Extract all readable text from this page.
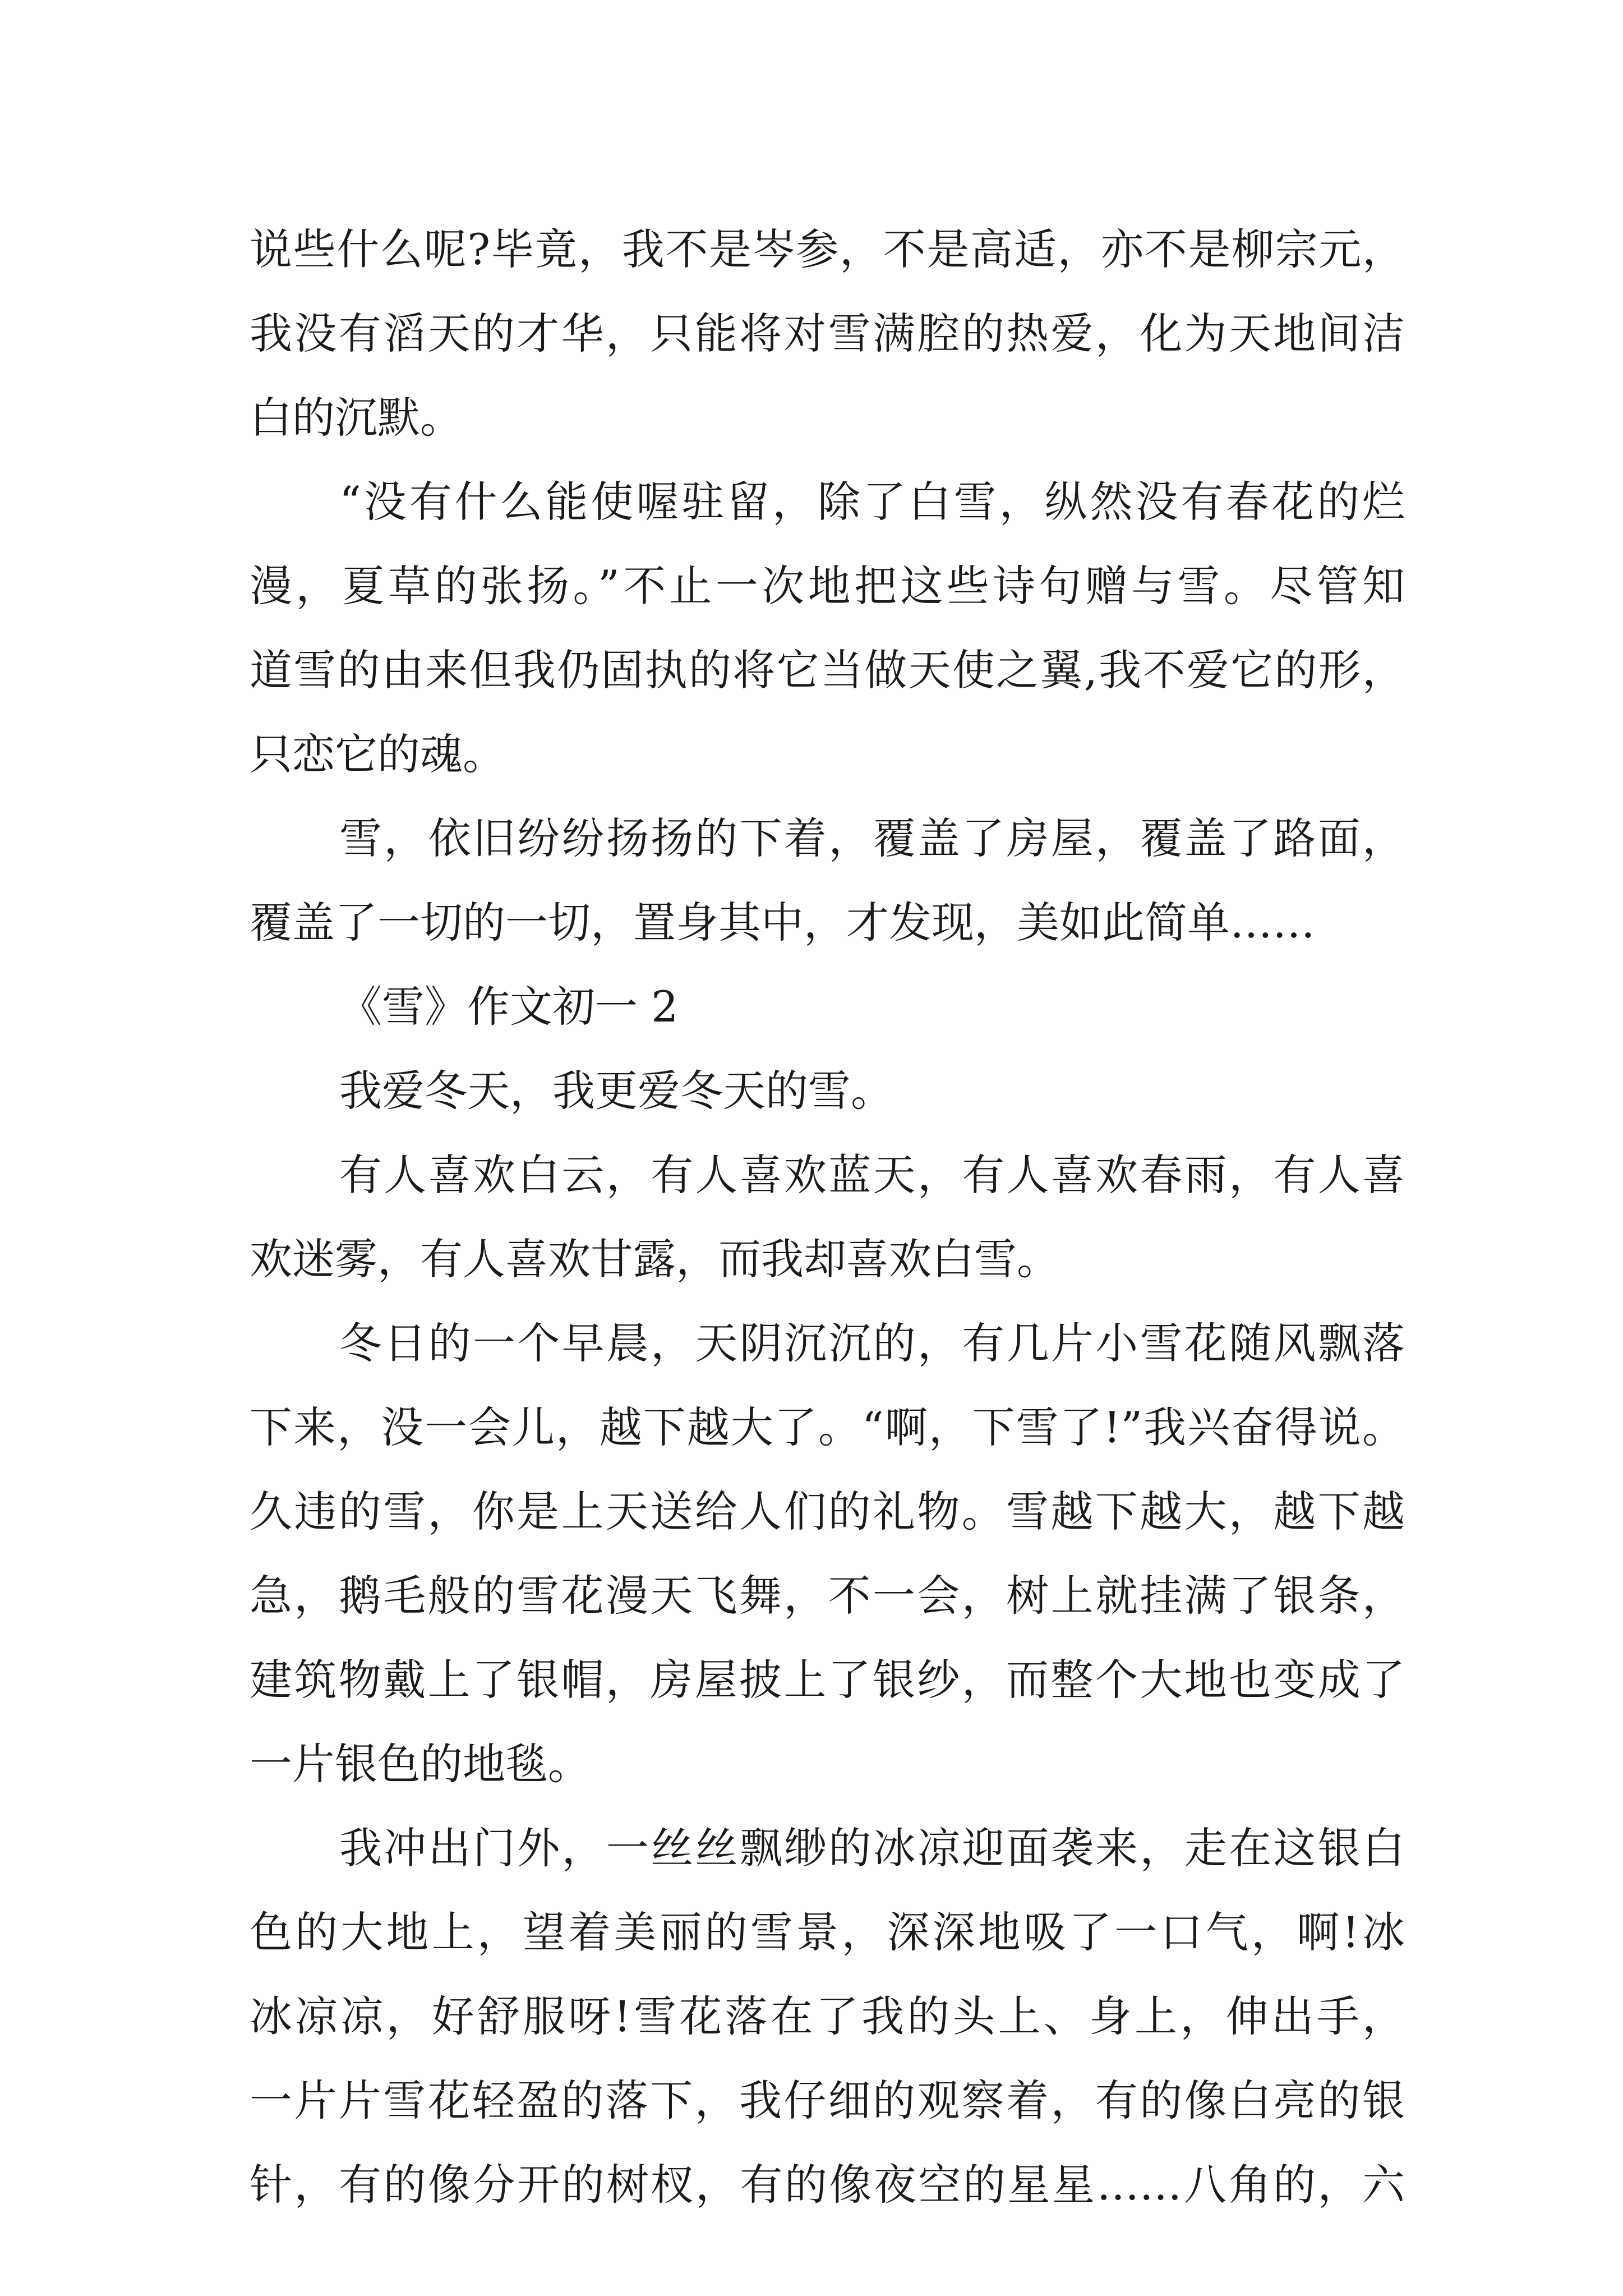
说些什么呢?毕竟，我不是岑参，不是高适，亦不是柳宗元，
我没有滔天的才华，只能将对雪满腔的热爱，化为天地间洁
白的沉默。
“没有什么能使喔驻留，除了白雪，纵然没有春花的烂
漫，夏草的张扬。”不止一次地把这些诗句赠与雪。尽管知
道雪的由来但我仍固执的将它当做天使之翼,我不爱它的形，
只恋它的魂。
雪，依旧纷纷扬扬的下着，覆盖了房屋，覆盖了路面，
覆盖了一切的一切，置身其中，才发现，美如此简单……
《雪》作文初一 2
我爱冬天，我更爱冬天的雪。
有人喜欢白云，有人喜欢蓝天，有人喜欢春雨，有人喜
欢迷雾，有人喜欢甘露，而我却喜欢白雪。
冬日的一个早晨，天阴沉沉的，有几片小雪花随风飘落
下来，没一会儿，越下越大了。“啊，下雪了!”我兴奋得说。
久违的雪，你是上天送给人们的礼物。雪越下越大，越下越
急，鹅毛般的雪花漫天飞舞，不一会，树上就挂满了银条，
建筑物戴上了银帽，房屋披上了银纱，而整个大地也变成了
一片银色的地毯。
我冲出门外，一丝丝飘缈的冰凉迎面袭来，走在这银白
色的大地上，望着美丽的雪景，深深地吸了一口气，啊!冰
冰凉凉，好舒服呀!雪花落在了我的头上、身上，伸出手，
一片片雪花轻盈的落下，我仔细的观察着，有的像白亮的银
针，有的像分开的树杈，有的像夜空的星星……八角的，六
